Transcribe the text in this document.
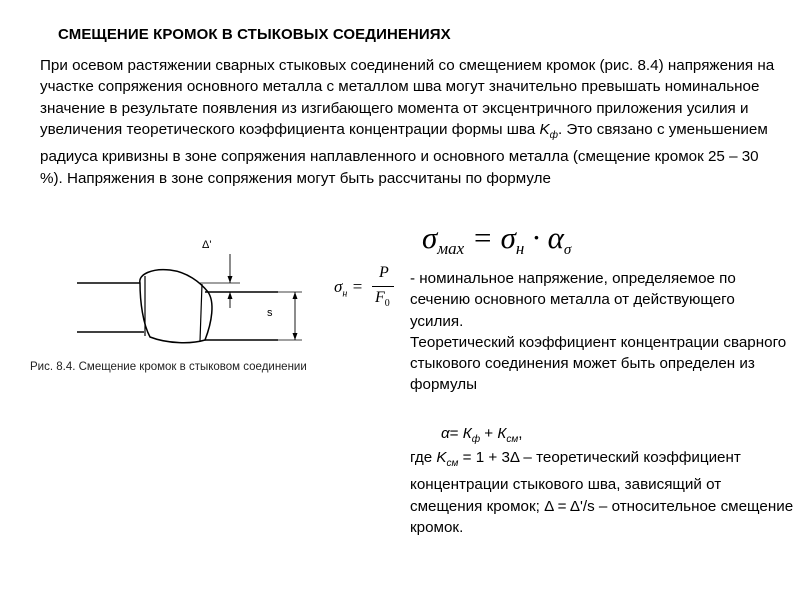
СМЕЩЕНИЕ КРОМОК В СТЫКОВЫХ СОЕДИНЕНИЯХ
При осевом растяжении сварных стыковых соединений со смещением кромок (рис. 8.4) напряжения на участке сопряжения основного металла с металлом шва могут значительно превышать номинальное значение в результате появления из изгибающего момента от эксцентричного приложения усилия и увеличения теоретического коэффициента концентрации формы шва $K_ф$. Это связано с уменьшением радиуса кривизны в зоне сопряжения наплавленного и основного металла (смещение кромок 25 – 30 %). Напряжения в зоне сопряжения могут быть рассчитаны по формуле
Δ'
s
Рис. 8.4. Смещение кромок в стыковом соединении
$\sigma_{мах} = \sigma_н \cdot \alpha_\sigma$
$\sigma_н$ =
P
$F_0$
- номинальное напряжение, определяемое по сечению основного металла от действующего усилия.
Теоретический коэффициент концентрации сварного стыкового соединения может быть определен из формулы
$\alpha= К_ф + К_{см}$,
где $K_{см} = 1 + 3\Delta$ – теоретический коэффициент концентрации стыкового шва, зависящий от смещения кромок; Δ = Δ'/s – относительное смещение кромок.
